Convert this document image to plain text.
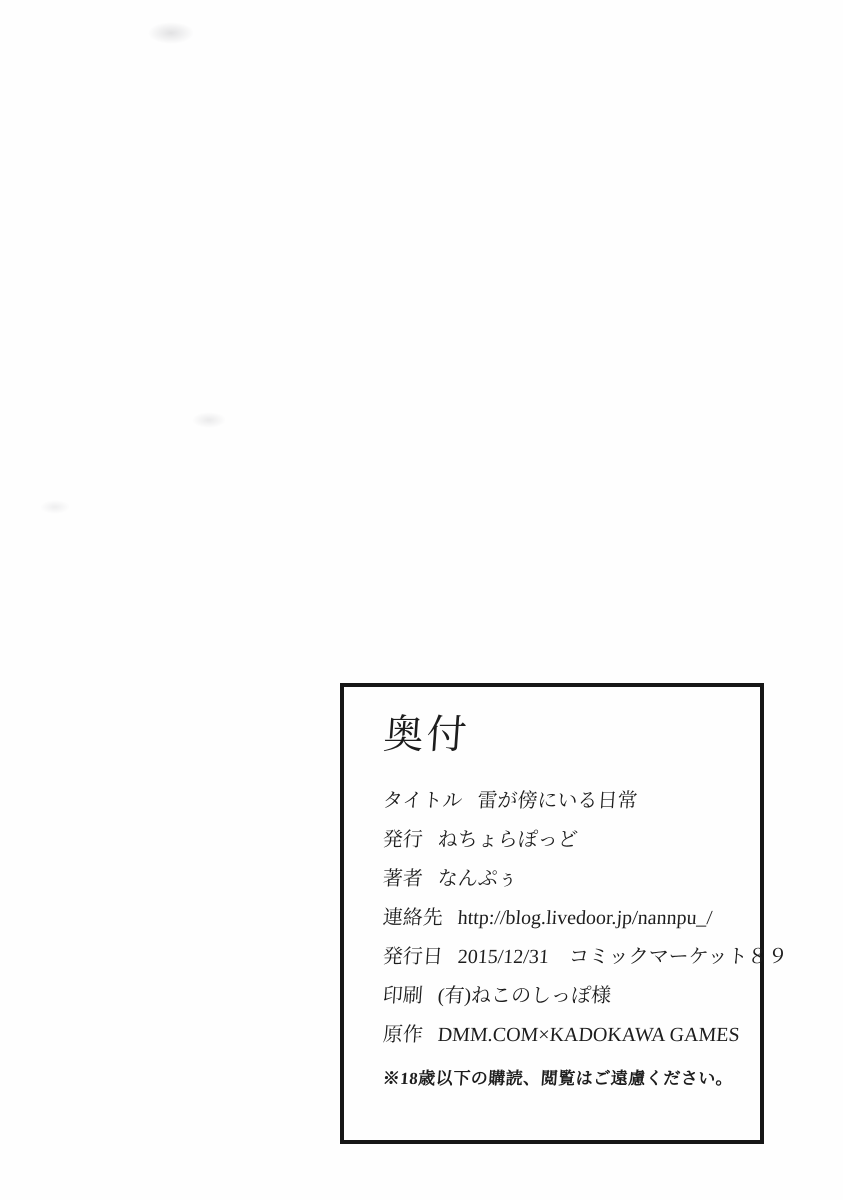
奥付
タイトル 雷が傍にいる日常
発行 ねちょらぽっど
著者 なんぷぅ
連絡先 http://blog.livedoor.jp/nannpu_/
発行日 2015/12/31　コミックマーケット８９
印刷 (有)ねこのしっぽ様
原作 DMM.COM×KADOKAWA GAMES
※18歳以下の購読、閲覧はご遠慮ください。
